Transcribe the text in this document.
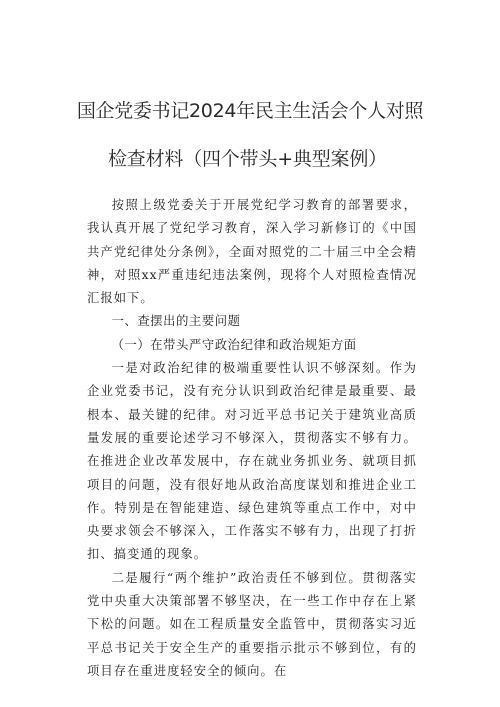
国企党委书记2024年民主生活会个人对照
检查材料（四个带头+典型案例）

按照上级党委关于开展党纪学习教育的部署要求，我认真开展了党纪学习教育，深入学习新修订的《中国共产党纪律处分条例》，全面对照党的二十届三中全会精神，对照xx严重违纪违法案例，现将个人对照检查情况汇报如下。

一、查摆出的主要问题
（一）在带头严守政治纪律和政治规矩方面

一是对政治纪律的极端重要性认识不够深刻。作为企业党委书记，没有充分认识到政治纪律是最重要、最根本、最关键的纪律。对习近平总书记关于建筑业高质量发展的重要论述学习不够深入，贯彻落实不够有力。在推进企业改革发展中，存在就业务抓业务、就项目抓项目的问题，没有很好地从政治高度谋划和推进企业工作。特别是在智能建造、绿色建筑等重点工作中，对中央要求领会不够深入，工作落实不够有力，出现了打折扣、搞变通的现象。

二是履行“两个维护”政治责任不够到位。贯彻落实党中央重大决策部署不够坚决，在一些工作中存在上紧下松的问题。如在工程质量安全监管中，贯彻落实习近平总书记关于安全生产的重要指示批示不够到位，有的项目存在重进度轻安全的倾向。在
